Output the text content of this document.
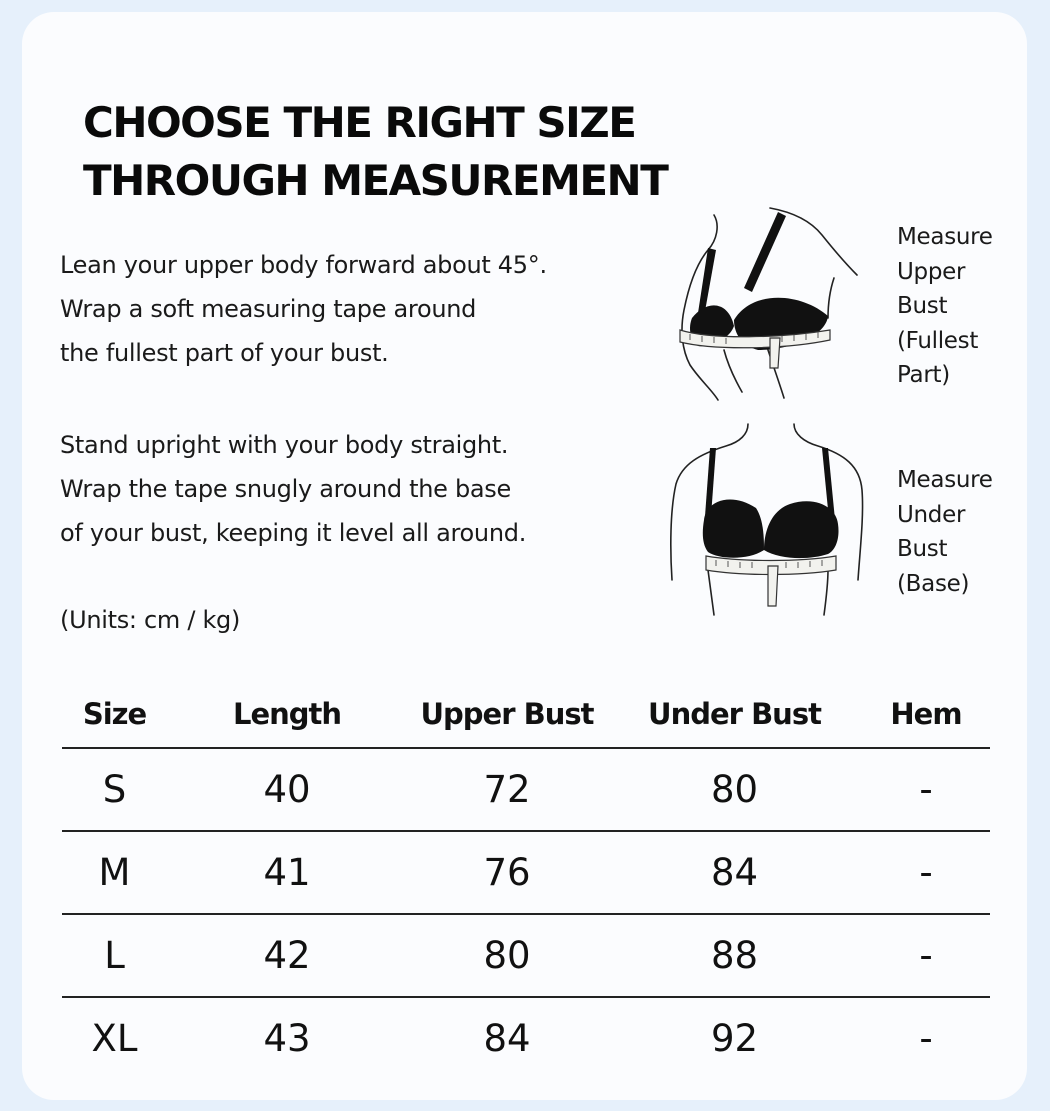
CHOOSE THE RIGHT SIZE
THROUGH MEASUREMENT

Lean your upper body forward about 45°.
Wrap a soft measuring tape around
the fullest part of your bust.

Stand upright with your body straight.
Wrap the tape snugly around the base
of your bust, keeping it level all around.

(Units: cm / kg)
Measure
Upper
Bust
(Fullest
Part)
Measure
Under
Bust
(Base)
Size	Length	Upper Bust	Under Bust	Hem
S	40	72	80	-
M	41	76	84	-
L	42	80	88	-
XL	43	84	92	-
